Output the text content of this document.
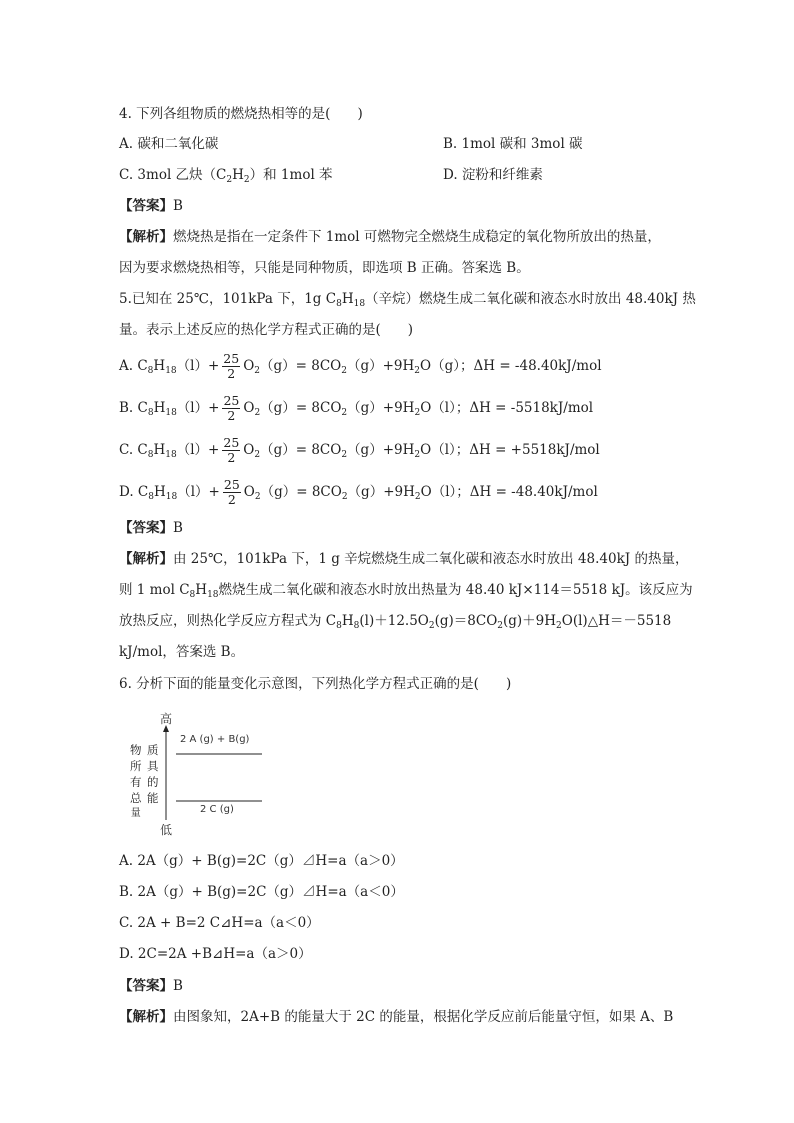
4. 下列各组物质的燃烧热相等的是(　　)
A. 碳和二氧化碳	B. 1mol 碳和 3mol 碳
C. 3mol 乙炔$(C_2H_2)$和 1mol 苯	D. 淀粉和纤维素
【答案】B
【解析】燃烧热是指在一定条件下 1mol 可燃物完全燃烧生成稳定的氧化物所放出的热量，
因为要求燃烧热相等，只能是同种物质，即选项 B 正确。答案选 B。
5.已知在 25℃，101kPa 下，1g $C_8H_{18}$（辛烷）燃烧生成二氧化碳和液态水时放出 48.40kJ 热
量。表示上述反应的热化学方程式正确的是(　　)
A. $C_8H_{18}(l)+ \frac{25}{2} O_2(g)= 8CO_2(g)+9H_2O(g)$；ΔH = -48.40kJ/mol
B. $C_8H_{18}(l)+ \frac{25}{2} O_2(g)= 8CO_2(g)+9H_2O(l)$；ΔH = -5518kJ/mol
C. $C_8H_{18}(l)+ \frac{25}{2} O_2(g)= 8CO_2(g)+9H_2O(l)$；ΔH = +5518kJ/mol
D. $C_8H_{18}(l)+ \frac{25}{2} O_2(g)= 8CO_2(g)+9H_2O(l)$；ΔH = -48.40kJ/mol
【答案】B
【解析】由 25℃，101kPa 下，1 g 辛烷燃烧生成二氧化碳和液态水时放出 48.40kJ 的热量，
则 1 mol $C_8H_{18}$燃烧生成二氧化碳和液态水时放出热量为 48.40 kJ×114＝5518 kJ。该反应为
放热反应，则热化学反应方程式为 $C_8H_8(l)+12.5O_2(g)=8CO_2(g)+9H_2O(l)\triangle H=-5518$
kJ/mol，答案选 B。
6. 分析下面的能量变化示意图，下列热化学方程式正确的是(　　)
高
低
2 A (g) + B(g)
2 C (g)
物
所
有
总
量
质
具
的
能
A. 2A（g）+ B(g)=2C（g）⊿H=a（a＞0）
B. 2A（g）+ B(g)=2C（g）⊿H=a（a＜0）
C. 2A + B=2 C⊿H=a（a＜0）
D. 2C=2A +B⊿H=a（a＞0）
【答案】B
【解析】由图象知，2A+B 的能量大于 2C 的能量，根据化学反应前后能量守恒，如果 A、B
